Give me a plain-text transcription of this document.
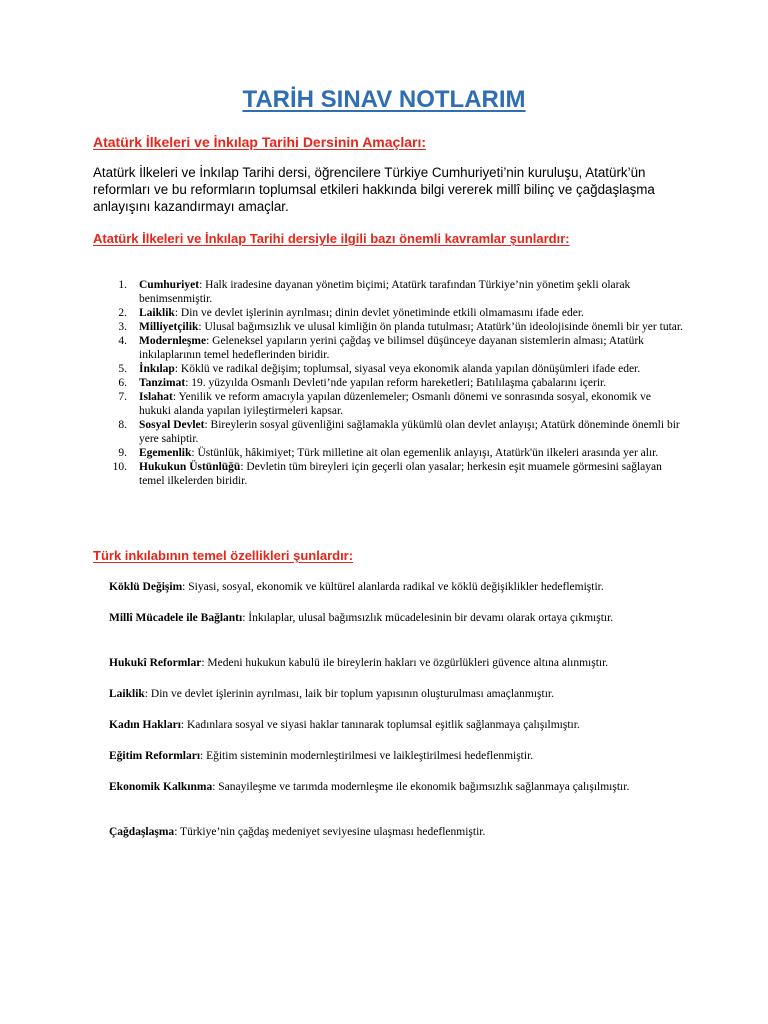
TARİH SINAV NOTLARIM
Atatürk İlkeleri ve İnkılap Tarihi Dersinin Amaçları:

Atatürk İlkeleri ve İnkılap Tarihi dersi, öğrencilere Türkiye Cumhuriyeti’nin kuruluşu, Atatürk’ün reformları ve bu reformların toplumsal etkileri hakkında bilgi vererek millî bilinç ve çağdaşlaşma anlayışını kazandırmayı amaçlar.

Atatürk İlkeleri ve İnkılap Tarihi dersiyle ilgili bazı önemli kavramlar şunlardır:
1. Cumhuriyet: Halk iradesine dayanan yönetim biçimi; Atatürk tarafından Türkiye’nin yönetim şekli olarak benimsenmiştir.
2. Laiklik: Din ve devlet işlerinin ayrılması; dinin devlet yönetiminde etkili olmamasını ifade eder.
3. Milliyetçilik: Ulusal bağımsızlık ve ulusal kimliğin ön planda tutulması; Atatürk’ün ideolojisinde önemli bir yer tutar.
4. Modernleşme: Geleneksel yapıların yerini çağdaş ve bilimsel düşünceye dayanan sistemlerin alması; Atatürk inkılaplarının temel hedeflerinden biridir.
5. İnkılap: Köklü ve radikal değişim; toplumsal, siyasal veya ekonomik alanda yapılan dönüşümleri ifade eder.
6. Tanzimat: 19. yüzyılda Osmanlı Devleti’nde yapılan reform hareketleri; Batılılaşma çabalarını içerir.
7. Islahat: Yenilik ve reform amacıyla yapılan düzenlemeler; Osmanlı dönemi ve sonrasında sosyal, ekonomik ve hukuki alanda yapılan iyileştirmeleri kapsar.
8. Sosyal Devlet: Bireylerin sosyal güvenliğini sağlamakla yükümlü olan devlet anlayışı; Atatürk döneminde önemli bir yere sahiptir.
9. Egemenlik: Üstünlük, hâkimiyet; Türk milletine ait olan egemenlik anlayışı, Atatürk'ün ilkeleri arasında yer alır.
10. Hukukun Üstünlüğü: Devletin tüm bireyleri için geçerli olan yasalar; herkesin eşit muamele görmesini sağlayan temel ilkelerden biridir.
Türk inkılabının temel özellikleri şunlardır:

Köklü Değişim: Siyasi, sosyal, ekonomik ve kültürel alanlarda radikal ve köklü değişiklikler hedeflemiştir.

Millî Mücadele ile Bağlantı: İnkılaplar, ulusal bağımsızlık mücadelesinin bir devamı olarak ortaya çıkmıştır.

Hukukî Reformlar: Medeni hukukun kabulü ile bireylerin hakları ve özgürlükleri güvence altına alınmıştır.

Laiklik: Din ve devlet işlerinin ayrılması, laik bir toplum yapısının oluşturulması amaçlanmıştır.

Kadın Hakları: Kadınlara sosyal ve siyasi haklar tanınarak toplumsal eşitlik sağlanmaya çalışılmıştır.

Eğitim Reformları: Eğitim sisteminin modernleştirilmesi ve laikleştirilmesi hedeflenmiştir.

Ekonomik Kalkınma: Sanayileşme ve tarımda modernleşme ile ekonomik bağımsızlık sağlanmaya çalışılmıştır.

Çağdaşlaşma: Türkiye’nin çağdaş medeniyet seviyesine ulaşması hedeflenmiştir.
